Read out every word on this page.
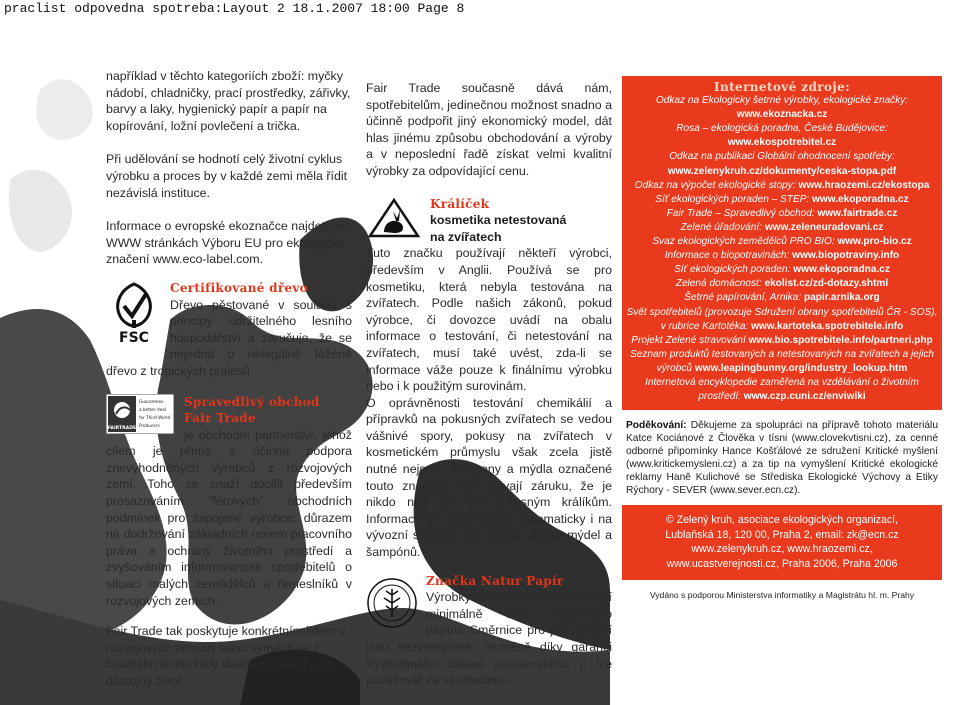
praclist odpovedna spotreba:Layout 2 18.1.2007 18:00 Page 8

například v těchto kategoriích zboží: myčky nádobí, chladničky, prací prostředky, zářivky, barvy a laky, hygienický papír a papír na kopírování, ložní povlečení a trička.

Při udělování se hodnotí celý životní cyklus výrobku a proces by v každé zemi měla řídit nezávislá instituce.

Informace o evropské ekoznačce najdete na WWW stránkách Výboru EU pro ekologické značení www.eco-label.com.

FSC
Certifikované dřevo

Dřevo pěstované v souladu s principy udržitelného lesního hospodářství a zaručuje, že se nejedná o nelegálně těžené dřevo z tropických pralesů.

FAIRTRADE
Guarantees
a better deal
for Third World
Producers
Spravedlivý obchod
Fair Trade

je obchodní partnerství, jehož cílem je přímá a účinná podpora znevýhodněných výrobců z rozvojových zemí. Toho se snaží docílit především prosazováním "férových" obchodních podmínek pro zapojené výrobce, důrazem na dodržování základních norem pracovního práva a ochraný životního prostředí a zvyšováním informovanosti spotřebitelů o situaci malých zemědělců a řemeslníků v rozvojových zemích.

Fair Trade tak poskytuje konkrétním lidem v rozvojových zemích šanci vymanit se z bludného kruhu bídy vlastními silami a žít důstojný život.

Fair Trade současně dává nám, spotřebitelům, jedinečnou možnost snadno a účinně podpořit jiný ekonomický model, dát hlas jinému způsobu obchodování a výroby a v neposlední řadě získat velmi kvalitní výrobky za odpovídající cenu.

Králíček
kosmetika netestovaná
na zvířatech

Tuto značku používají někteří výrobci, především v Anglii. Používá se pro kosmetiku, která nebyla testována na zvířatech. Podle našich zákonů, pokud výrobce, či dovozce uvádí na obalu informace o testování, či netestování na zvířatech, musí také uvést, zda-li se informace váže pouze k finálnímu výrobku nebo i k použitým surovinám.

O oprávněnosti testování chemikálií a přípravků na pokusných zvířatech se vedou vášnivé spory, pokusy na zvířatech v kosmetickém průmyslu však zcela jistě nutné nejsou. Šampony a mýdla označené touto značkou vám dávají záruku, že je nikdo nelil do očí pokusným králíkům. Informace se však neváže automaticky i na vývozní suroviny pro výrobu těchto mýdel a šampónů.

Značka Natur Papír

Výrobky takto označené obsahují minimálně 90% sběrového papíru. Směrnice pro její udělení jsou nezveřejněné, nicméně díky garanci Výzkumného ústavu papírenského jí lze považovat za věrohodnou.

Internetové zdroje:
Odkaz na Ekologicky šetrné výrobky, ekologické značky: www.ekoznacka.cz
Rosa – ekologická poradna, České Budějovice: www.ekospotrebitel.cz
Odkaz na publikaci Globální ohodnocení spotřeby: www.zelenykruh.cz/dokumenty/ceska-stopa.pdf
Odkaz na výpočet ekologické stopy: www.hraozemi.cz/ekostopa
Síť ekologických poraden – STEP: www.ekoporadna.cz
Fair Trade – Spravedlivý obchod: www.fairtrade.cz
Zelené úřadování: www.zeleneuradovani.cz
Svaz ekologických zemědělců PRO BIO: www.pro-bio.cz
Informace o biopotravinách: www.biopotraviny.info
Síť ekologických poraden: www.ekoporadna.cz
Zelená domácnost: ekolist.cz/zd-dotazy.shtml
Šetrné papírování, Arnika: papir.arnika.org
Svět spotřebitelů (provozuje Sdružení obrany spotřebitelů ČR - SOS), v rubrice Kartotéka: www.kartoteka.spotrebitele.info
Projekt Zelené stravování www.bio.spotrebitele.info/partneri.php
Seznam produktů testovaných a netestovaných na zvířatech a jejich výrobců www.leapingbunny.org/industry_lookup.htm
Internetová encyklopedie zaměřená na vzdělávání o životním prostředí: www.czp.cuni.cz/enviwiki
Poděkování: Děkujeme za spolupráci na přípravě tohoto materiálu Katce Kociánové z Člověka v tísni (www.clovekvtisni.cz), za cenné odborné připomínky Hance Košťálové ze sdružení Kritické myšlení (www.kritickemysleni.cz) a za tip na vymyšlení Kritické ekologické reklamy Haně Kulichové se Střediska Ekologické Výchovy a Etiky Rýchory - SEVER (www.sever.ecn.cz).
© Zelený kruh, asociace ekologických organizací,
Lublaňská 18, 120 00, Praha 2, email: zk@ecn.cz
www.zelenykruh.cz, www.hraozemi.cz,
www.ucastverejnosti.cz, Praha 2006, Praha 2006
Vydáno s podporou Ministerstva informatiky a Magistrátu hl. m. Prahy
